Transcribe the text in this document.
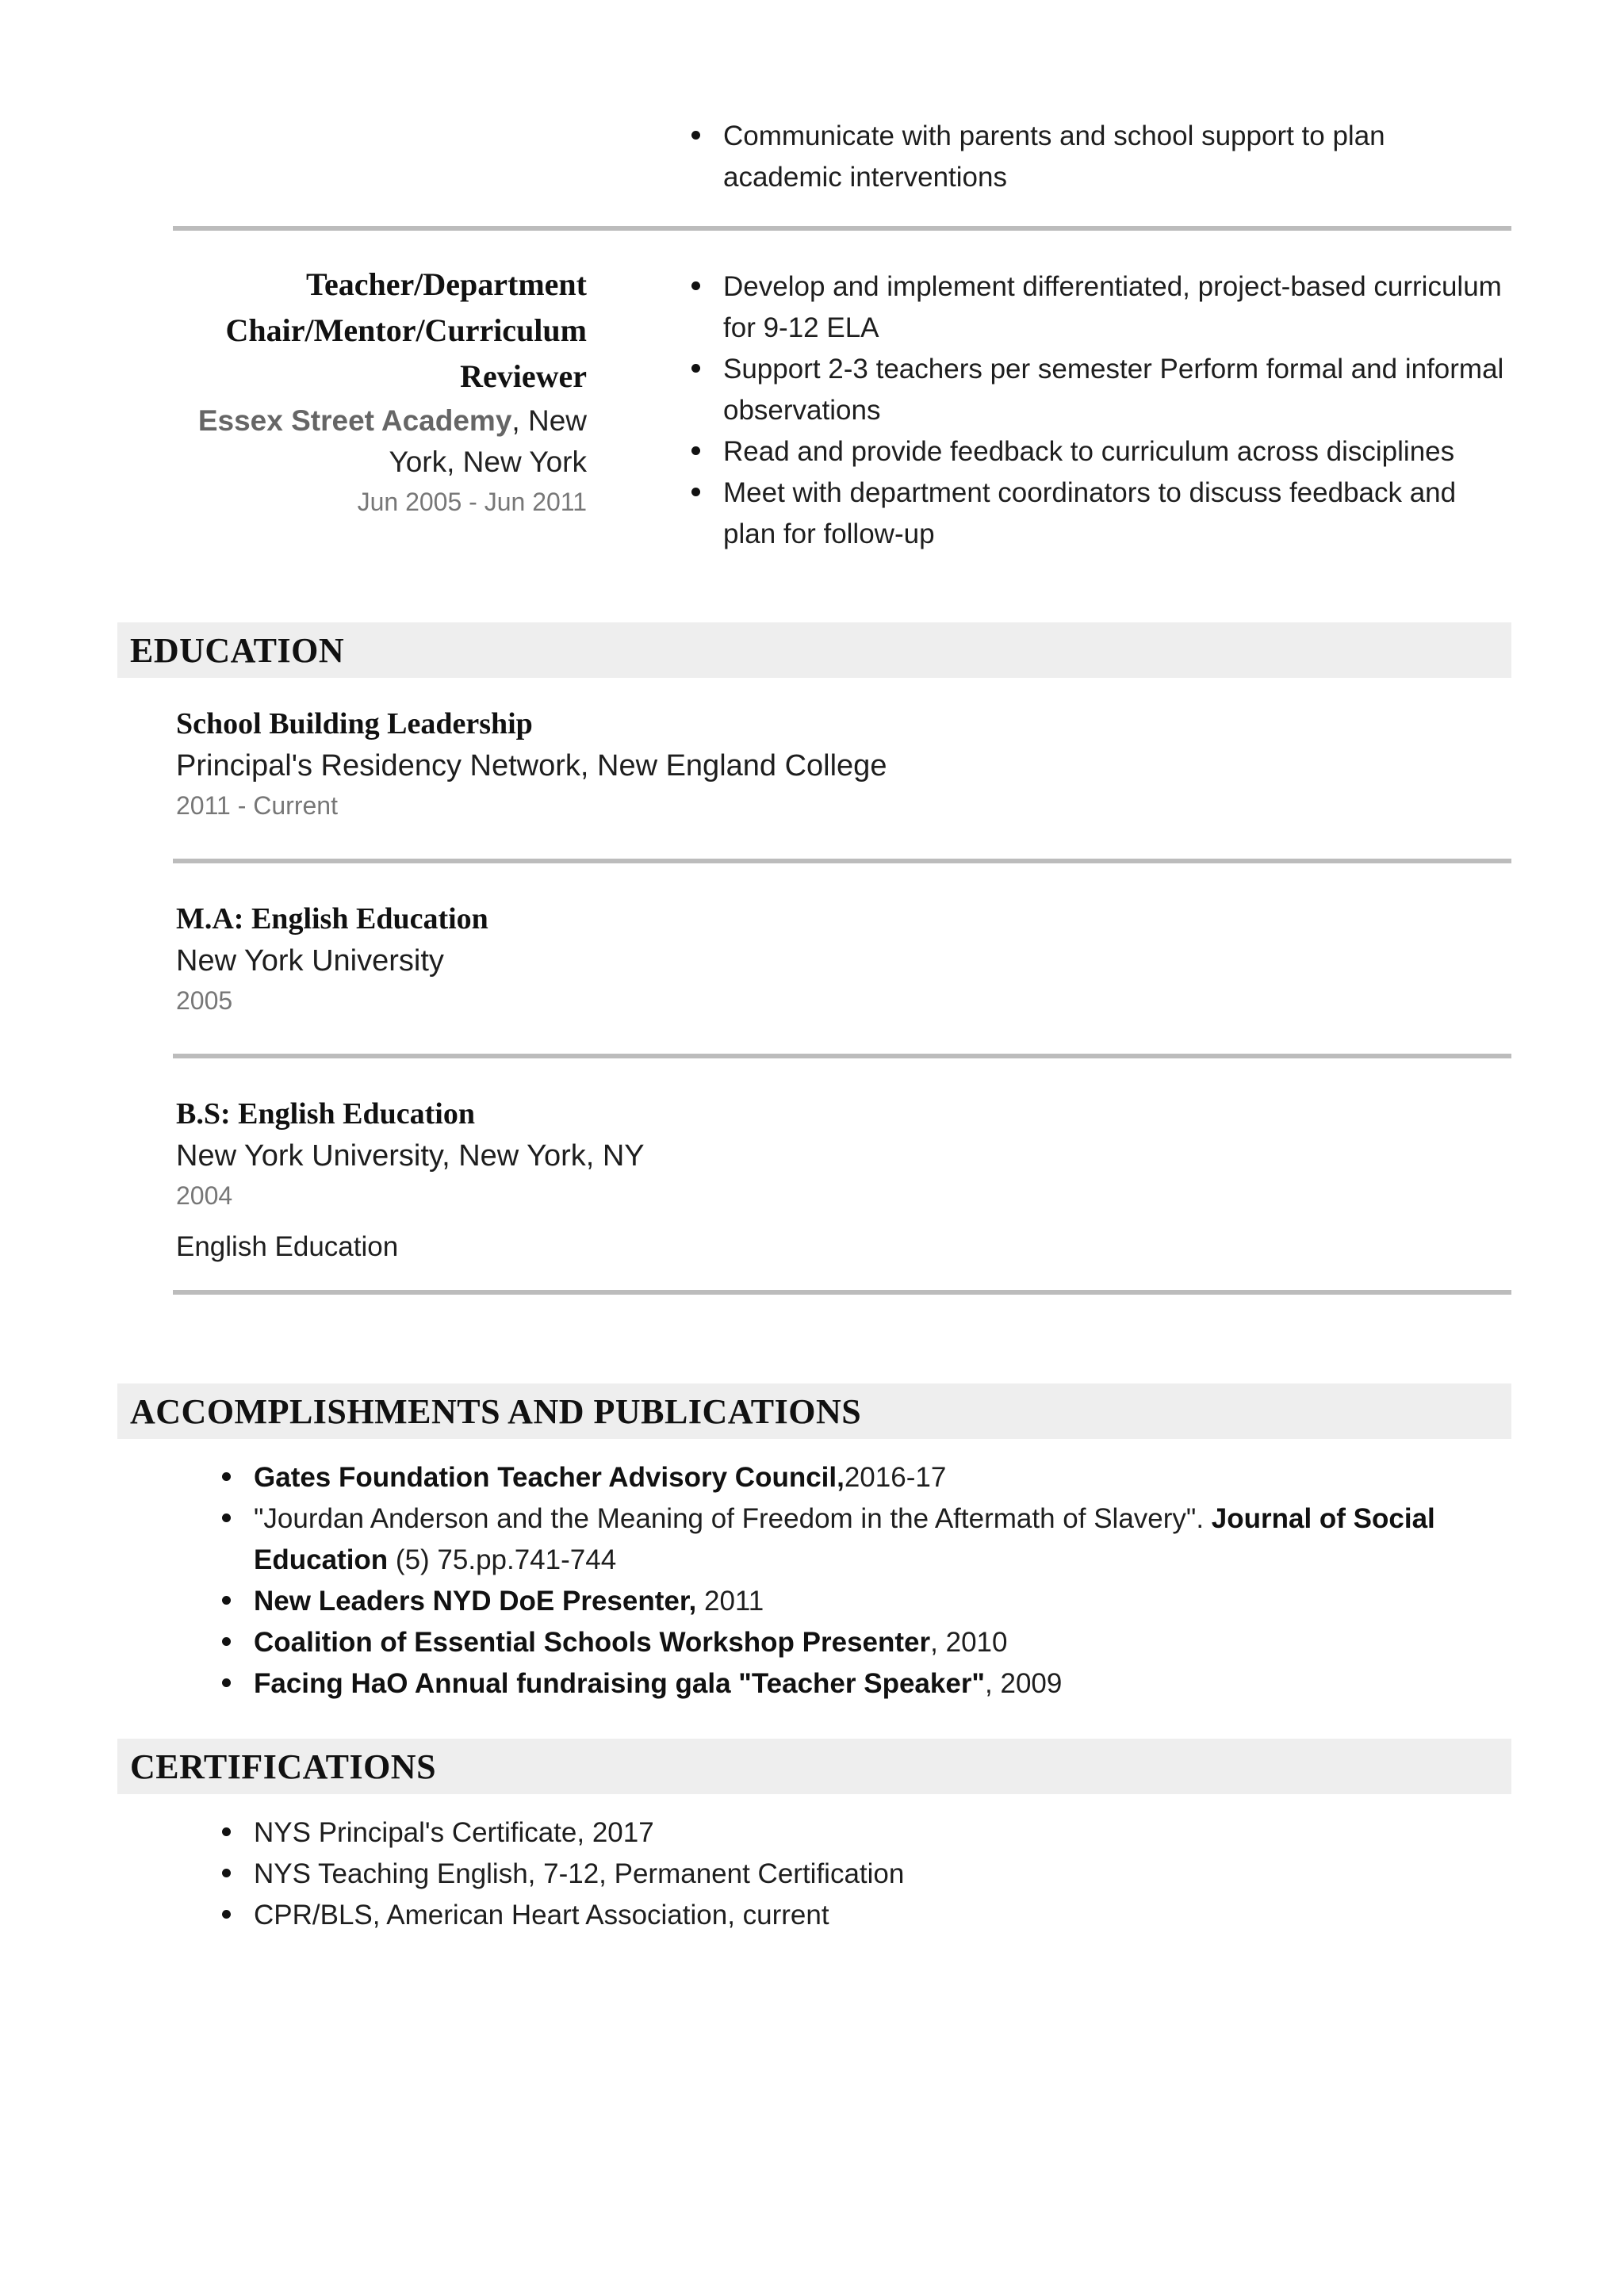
Communicate with parents and school support to plan academic interventions
Teacher/Department
Chair/Mentor/Curriculum
Reviewer
Essex Street Academy, New
York, New York
Jun 2005 - Jun 2011
Develop and implement differentiated, project-based curriculum for 9-12 ELA
Support 2-3 teachers per semester Perform formal and informal observations
Read and provide feedback to curriculum across disciplines
Meet with department coordinators to discuss feedback and plan for follow-up
EDUCATION
School Building Leadership
Principal's Residency Network, New England College
2011 - Current
M.A: English Education
New York University
2005
B.S: English Education
New York University, New York, NY
2004
English Education
ACCOMPLISHMENTS AND PUBLICATIONS
Gates Foundation Teacher Advisory Council,2016-17
"Jourdan Anderson and the Meaning of Freedom in the Aftermath of Slavery". Journal of Social Education (5) 75.pp.741-744
New Leaders NYD DoE Presenter, 2011
Coalition of Essential Schools Workshop Presenter, 2010
Facing HaO Annual fundraising gala "Teacher Speaker", 2009
CERTIFICATIONS
NYS Principal's Certificate, 2017
NYS Teaching English, 7-12, Permanent Certification
CPR/BLS, American Heart Association, current
